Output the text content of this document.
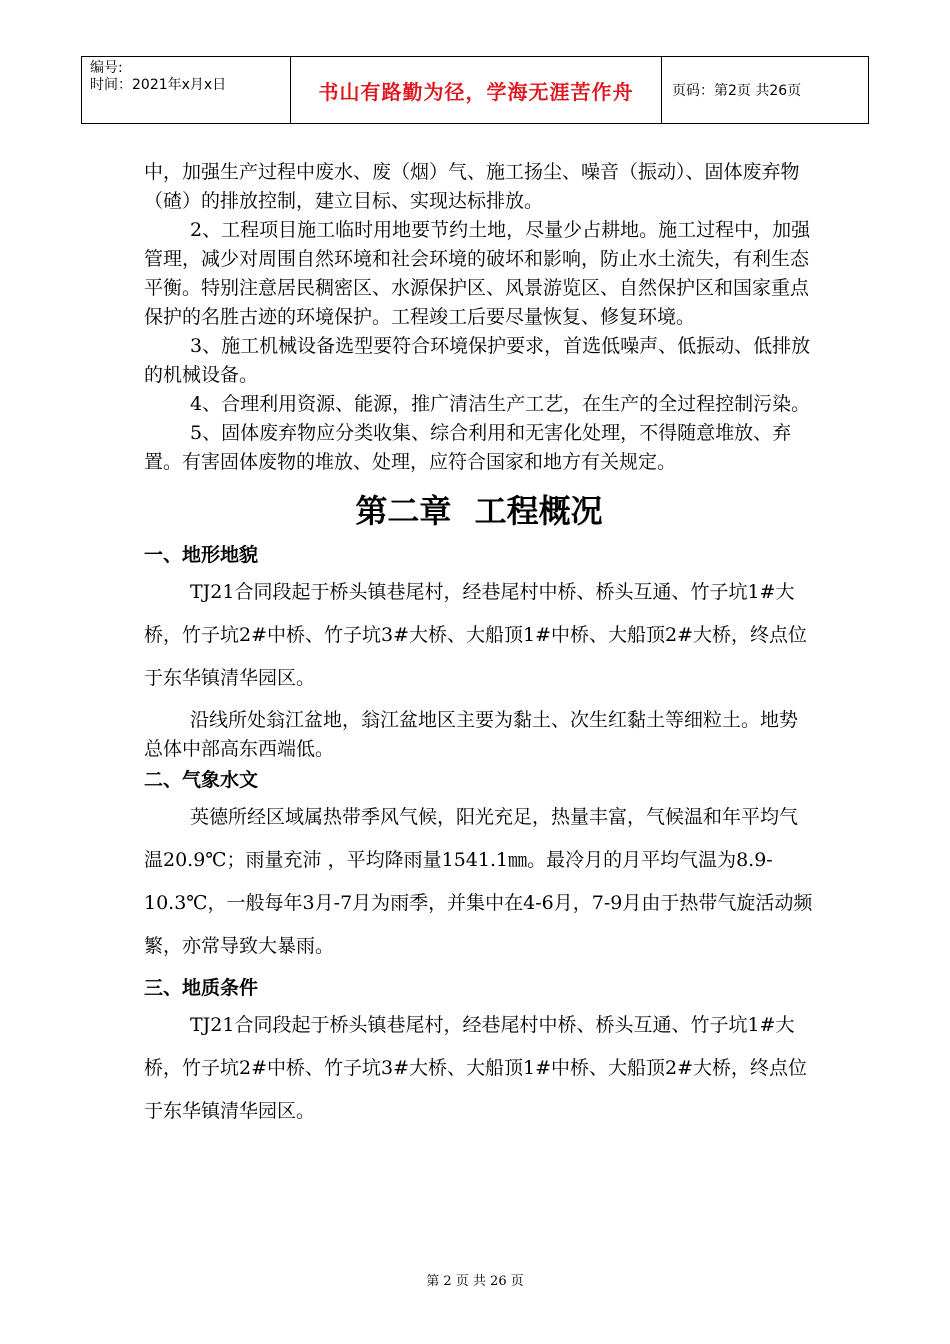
编号:
时间：2021年x月x日	书山有路勤为径，学海无涯苦作舟	页码：第2页 共26页

中，加强生产过程中废水、废（烟）气、施工扬尘、噪音（振动）、固体废弃物（碴）的排放控制，建立目标、实现达标排放。

2、工程项目施工临时用地要节约土地，尽量少占耕地。施工过程中，加强管理，减少对周围自然环境和社会环境的破坏和影响，防止水土流失，有利生态平衡。特别注意居民稠密区、水源保护区、风景游览区、自然保护区和国家重点保护的名胜古迹的环境保护。工程竣工后要尽量恢复、修复环境。

3、施工机械设备选型要符合环境保护要求，首选低噪声、低振动、低排放的机械设备。

4、合理利用资源、能源，推广清洁生产工艺，在生产的全过程控制污染。

5、固体废弃物应分类收集、综合利用和无害化处理，不得随意堆放、弃置。有害固体废物的堆放、处理，应符合国家和地方有关规定。

第二章 工程概况
一、地形地貌

TJ21合同段起于桥头镇巷尾村，经巷尾村中桥、桥头互通、竹子坑1#大桥，竹子坑2#中桥、竹子坑3#大桥、大船顶1#中桥、大船顶2#大桥，终点位于东华镇清华园区。

沿线所处翁江盆地，翁江盆地区主要为黏土、次生红黏土等细粒土。地势总体中部高东西端低。

二、气象水文

英德所经区域属热带季风气候，阳光充足，热量丰富，气候温和年平均气温20.9℃；雨量充沛 ，平均降雨量1541.1㎜。最冷月的月平均气温为8.9-10.3℃，一般每年3月-7月为雨季，并集中在4-6月，7-9月由于热带气旋活动频繁，亦常导致大暴雨。

三、地质条件

TJ21合同段起于桥头镇巷尾村，经巷尾村中桥、桥头互通、竹子坑1#大桥，竹子坑2#中桥、竹子坑3#大桥、大船顶1#中桥、大船顶2#大桥，终点位于东华镇清华园区。

第 2 页 共 26 页
